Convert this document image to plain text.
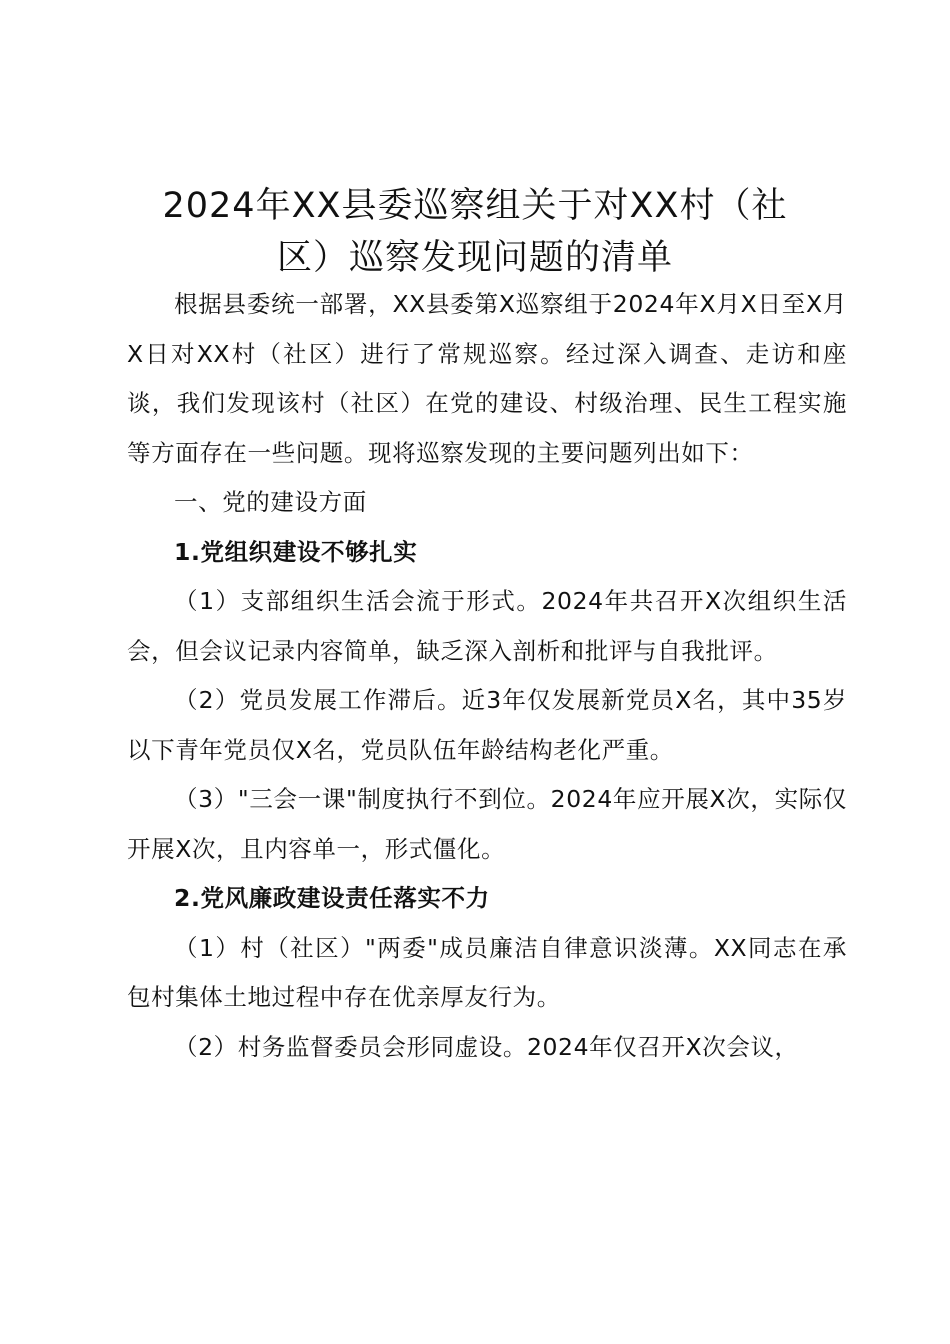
2024年XX县委巡察组关于对XX村（社
区）巡察发现问题的清单

根据县委统一部署，XX县委第X巡察组于2024年X月X日至X月X日对XX村（社区）进行了常规巡察。经过深入调查、走访和座谈，我们发现该村（社区）在党的建设、村级治理、民生工程实施等方面存在一些问题。现将巡察发现的主要问题列出如下：

一、党的建设方面

1.党组织建设不够扎实

（1）支部组织生活会流于形式。2024年共召开X次组织生活会，但会议记录内容简单，缺乏深入剖析和批评与自我批评。

（2）党员发展工作滞后。近3年仅发展新党员X名，其中35岁以下青年党员仅X名，党员队伍年龄结构老化严重。

（3）"三会一课"制度执行不到位。2024年应开展X次，实际仅开展X次，且内容单一，形式僵化。

2.党风廉政建设责任落实不力

（1）村（社区）"两委"成员廉洁自律意识淡薄。XX同志在承包村集体土地过程中存在优亲厚友行为。

（2）村务监督委员会形同虚设。2024年仅召开X次会议，
